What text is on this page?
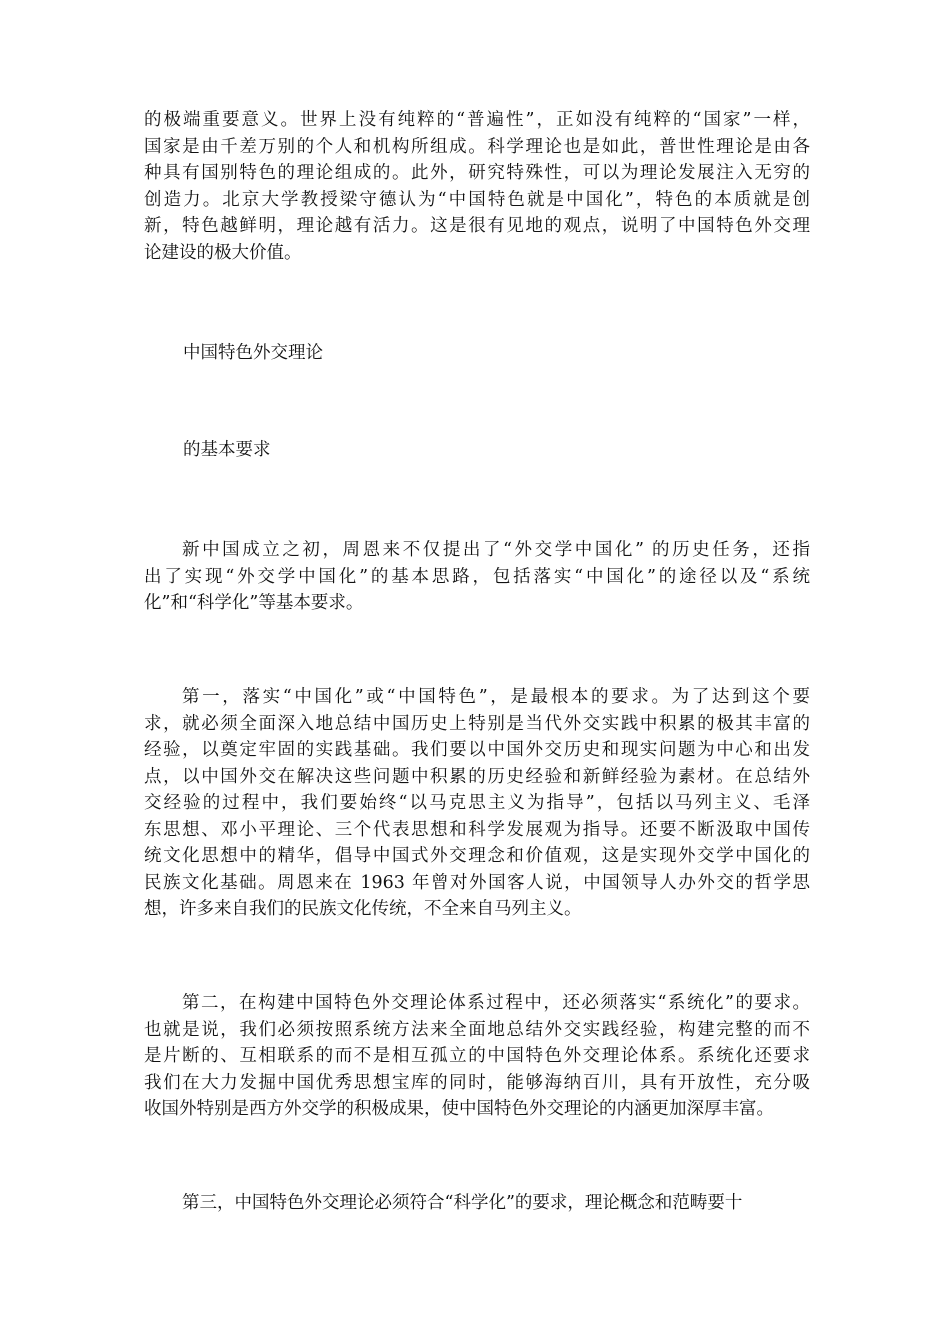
的极端重要意义。世界上没有纯粹的“普遍性”，正如没有纯粹的“国家”一样，
国家是由千差万别的个人和机构所组成。科学理论也是如此，普世性理论是由各
种具有国别特色的理论组成的。此外，研究特殊性，可以为理论发展注入无穷的
创造力。北京大学教授梁守德认为“中国特色就是中国化”，特色的本质就是创
新，特色越鲜明，理论越有活力。这是很有见地的观点，说明了中国特色外交理
论建设的极大价值。

中国特色外交理论

的基本要求

新中国成立之初，周恩来不仅提出了“外交学中国化” 的历史任务，还指
出了实现“外交学中国化”的基本思路，包括落实“中国化”的途径以及“系统
化”和“科学化”等基本要求。
第一，落实“中国化”或“中国特色”，是最根本的要求。为了达到这个要
求，就必须全面深入地总结中国历史上特别是当代外交实践中积累的极其丰富的
经验，以奠定牢固的实践基础。我们要以中国外交历史和现实问题为中心和出发
点，以中国外交在解决这些问题中积累的历史经验和新鲜经验为素材。在总结外
交经验的过程中，我们要始终“以马克思主义为指导”，包括以马列主义、毛泽
东思想、邓小平理论、三个代表思想和科学发展观为指导。还要不断汲取中国传
统文化思想中的精华，倡导中国式外交理念和价值观，这是实现外交学中国化的
民族文化基础。周恩来在 1963 年曾对外国客人说，中国领导人办外交的哲学思
想，许多来自我们的民族文化传统，不全来自马列主义。
第二，在构建中国特色外交理论体系过程中，还必须落实“系统化”的要求。
也就是说，我们必须按照系统方法来全面地总结外交实践经验，构建完整的而不
是片断的、互相联系的而不是相互孤立的中国特色外交理论体系。系统化还要求
我们在大力发掘中国优秀思想宝库的同时，能够海纳百川，具有开放性，充分吸
收国外特别是西方外交学的积极成果，使中国特色外交理论的内涵更加深厚丰富。
第三，中国特色外交理论必须符合“科学化”的要求，理论概念和范畴要十
